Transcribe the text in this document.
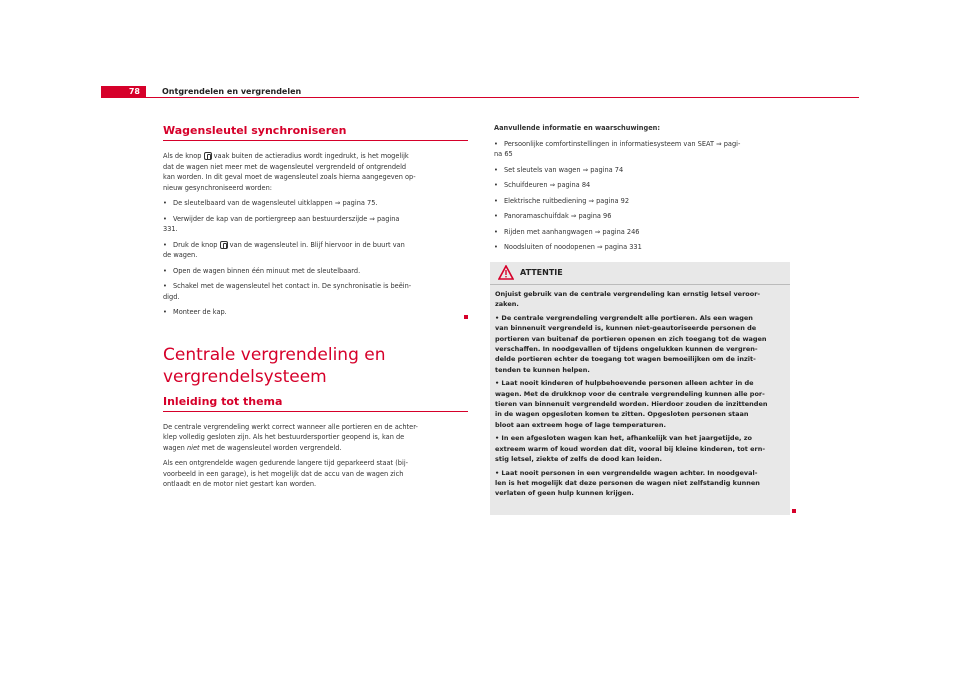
78	Ontgrendelen en vergrendelen
Wagensleutel synchroniseren

Als de knop vaak buiten de actieradius wordt ingedrukt, is het mogelijk
dat de wagen niet meer met de wagensleutel vergrendeld of ontgrendeld
kan worden. In dit geval moet de wagensleutel zoals hierna aangegeven op-
nieuw gesynchroniseerd worden:

• De sleutelbaard van de wagensleutel uitklappen ⇒ pagina 75.

• Verwijder de kap van de portiergreep aan bestuurderszijde ⇒ pagina

331.

• Druk de knop van de wagensleutel in. Blijf hiervoor in de buurt van

de wagen.

• Open de wagen binnen één minuut met de sleutelbaard.

• Schakel met de wagensleutel het contact in. De synchronisatie is beëin-

digd.

• Monteer de kap.

Centrale vergrendeling en
vergrendelsysteem
Inleiding tot thema

De centrale vergrendeling werkt correct wanneer alle portieren en de achter-
klep volledig gesloten zijn. Als het bestuurdersportier geopend is, kan de
wagen niet met de wagensleutel worden vergrendeld.

Als een ontgrendelde wagen gedurende langere tijd geparkeerd staat (bij-
voorbeeld in een garage), is het mogelijk dat de accu van de wagen zich
ontlaadt en de motor niet gestart kan worden.

Aanvullende informatie en waarschuwingen:

• Persoonlijke comfortinstellingen in informatiesysteem van SEAT ⇒ pagi-

na 65

• Set sleutels van wagen ⇒ pagina 74

• Schuifdeuren ⇒ pagina 84

• Elektrische ruitbediening ⇒ pagina 92

• Panoramaschuifdak ⇒ pagina 96

• Rijden met aanhangwagen ⇒ pagina 246

• Noodsluiten of noodopenen ⇒ pagina 331

ATTENTIE

Onjuist gebruik van de centrale vergrendeling kan ernstig letsel veroor-

zaken.

• De centrale vergrendeling vergrendelt alle portieren. Als een wagen

van binnenuit vergrendeld is, kunnen niet-geautoriseerde personen de

portieren van buitenaf de portieren openen en zich toegang tot de wagen

verschaffen. In noodgevallen of tijdens ongelukken kunnen de vergren-

delde portieren echter de toegang tot wagen bemoeilijken om de inzit-

tenden te kunnen helpen.

• Laat nooit kinderen of hulpbehoevende personen alleen achter in de

wagen. Met de drukknop voor de centrale vergrendeling kunnen alle por-

tieren van binnenuit vergrendeld worden. Hierdoor zouden de inzittenden

in de wagen opgesloten komen te zitten. Opgesloten personen staan

bloot aan extreem hoge of lage temperaturen.

• In een afgesloten wagen kan het, afhankelijk van het jaargetijde, zo

extreem warm of koud worden dat dit, vooral bij kleine kinderen, tot ern-

stig letsel, ziekte of zelfs de dood kan leiden.

• Laat nooit personen in een vergrendelde wagen achter. In noodgeval-

len is het mogelijk dat deze personen de wagen niet zelfstandig kunnen

verlaten of geen hulp kunnen krijgen.
